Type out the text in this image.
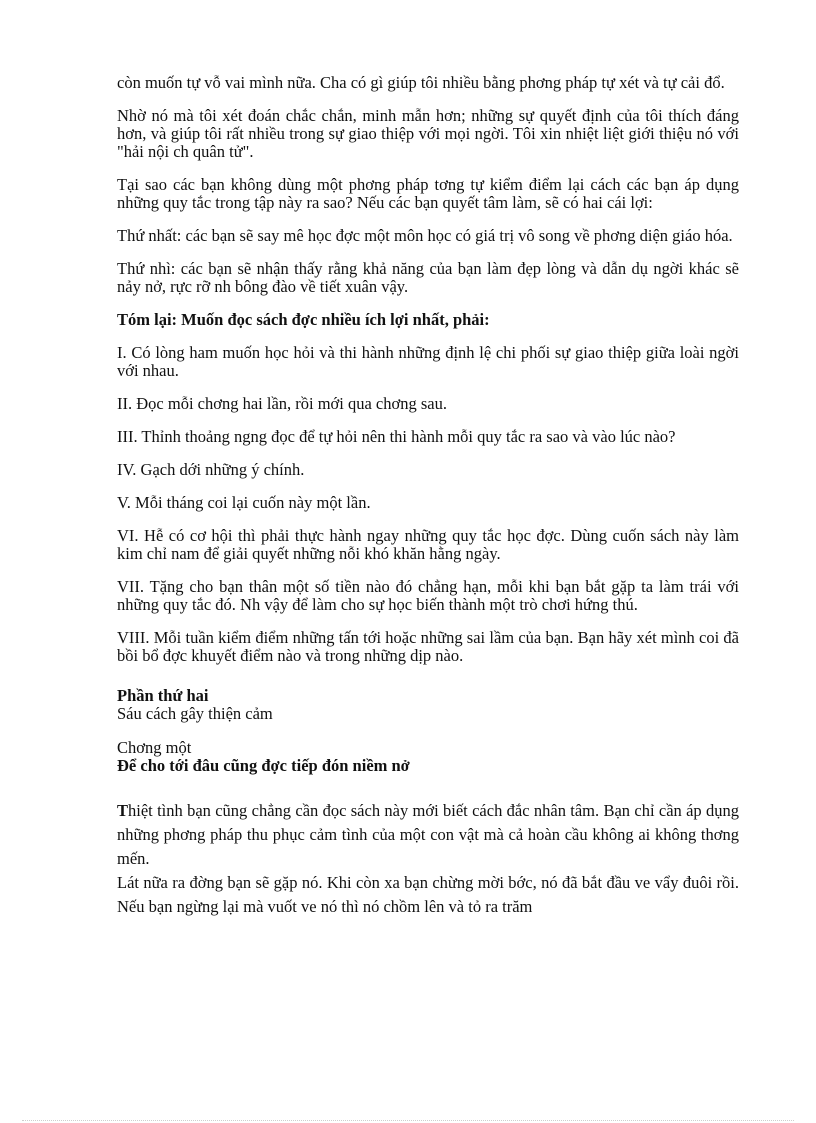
còn muốn tự vỗ vai mình nữa. Cha có gì giúp tôi nhiều bằng phơng pháp tự xét và tự cải đổ.

Nhờ nó mà tôi xét đoán chắc chắn, minh mẫn hơn; những sự quyết định của tôi thích đáng hơn, và giúp tôi rất nhiều trong sự giao thiệp với mọi ngời. Tôi xin nhiệt liệt giới thiệu nó với "hải nội ch quân tử".

Tại sao các bạn không dùng một phơng pháp tơng tự kiểm điểm lại cách các bạn áp dụng những quy tắc trong tập này ra sao? Nếu các bạn quyết tâm làm, sẽ có hai cái lợi:

Thứ nhất: các bạn sẽ say mê học đợc một môn học có giá trị vô song về phơng diện giáo hóa.

Thứ nhì: các bạn sẽ nhận thấy rằng khả năng của bạn làm đẹp lòng và dẫn dụ ngời khác sẽ nảy nở, rực rỡ nh bông đào về tiết xuân vậy.

Tóm lại: Muốn đọc sách đợc nhiều ích lợi nhất, phải:

I. Có lòng ham muốn học hỏi và thi hành những định lệ chi phối sự giao thiệp giữa loài ngời với nhau.

II. Đọc mỗi chơng hai lần, rồi mới qua chơng sau.

III. Thỉnh thoảng ngng đọc để tự hỏi nên thi hành mỗi quy tắc ra sao và vào lúc nào?

IV. Gạch dới những ý chính.

V. Mỗi tháng coi lại cuốn này một lần.

VI. Hễ có cơ hội thì phải thực hành ngay những quy tắc học đợc. Dùng cuốn sách này làm kim chỉ nam để giải quyết những nỗi khó khăn hằng ngày.

VII. Tặng cho bạn thân một số tiền nào đó chẳng hạn, mỗi khi bạn bắt gặp ta làm trái với những quy tắc đó. Nh vậy để làm cho sự học biến thành một trò chơi hứng thú.

VIII. Mỗi tuần kiểm điểm những tấn tới hoặc những sai lầm của bạn. Bạn hãy xét mình coi đã bồi bổ đợc khuyết điểm nào và trong những dịp nào.

Phần thứ hai

Sáu cách gây thiện cảm

Chơng một

Để cho tới đâu cũng đợc tiếp đón niềm nở

Thiệt tình bạn cũng chẳng cần đọc sách này mới biết cách đắc nhân tâm. Bạn chỉ cần áp dụng những phơng pháp thu phục cảm tình của một con vật mà cả hoàn cầu không ai không thơng mến.

Lát nữa ra đờng bạn sẽ gặp nó. Khi còn xa bạn chừng mời bớc, nó đã bắt đầu ve vẩy đuôi rồi. Nếu bạn ngừng lại mà vuốt ve nó thì nó chồm lên và tỏ ra trăm
